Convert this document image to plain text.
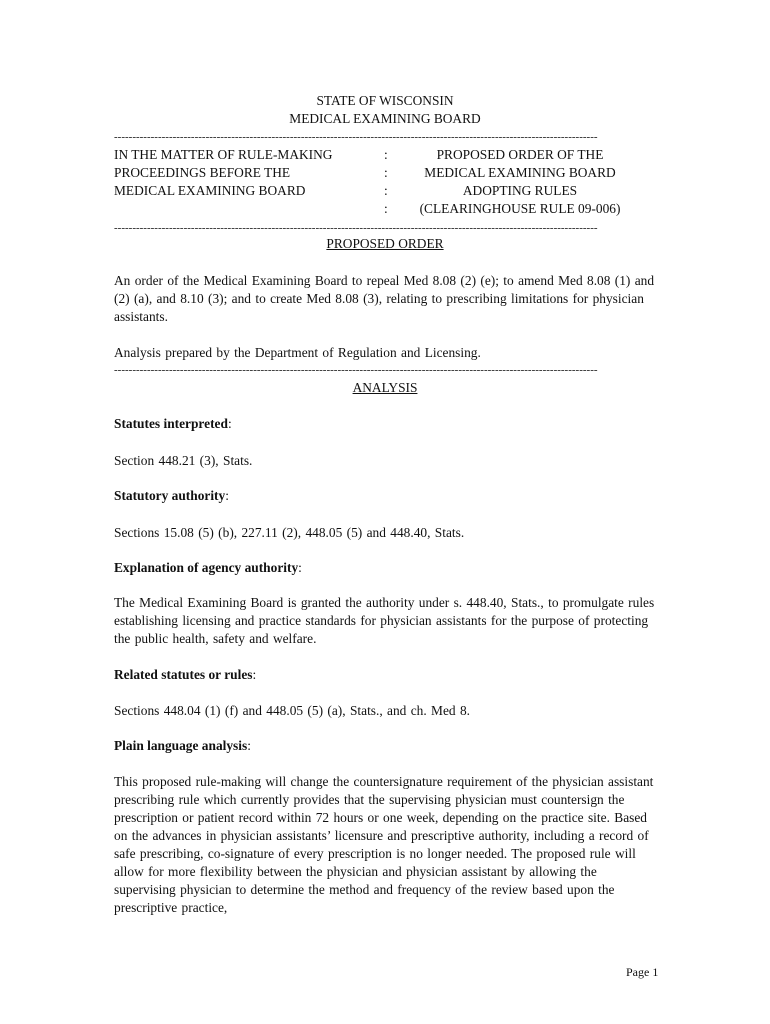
STATE OF WISCONSIN
MEDICAL EXAMINING BOARD
------------------------------------------------------------------------------------------------------------------------------------
IN THE MATTER OF RULE-MAKING
PROCEEDINGS BEFORE THE
MEDICAL EXAMINING BOARD
:
:
:
:
PROPOSED ORDER OF THE
MEDICAL EXAMINING BOARD
ADOPTING RULES
(CLEARINGHOUSE RULE 09-006)
------------------------------------------------------------------------------------------------------------------------------------
PROPOSED ORDER
An order of the Medical Examining Board to repeal Med 8.08 (2) (e); to amend Med 8.08 (1) and (2) (a), and 8.10 (3); and to create Med 8.08 (3), relating to prescribing limitations for physician assistants.
Analysis prepared by the Department of Regulation and Licensing.
------------------------------------------------------------------------------------------------------------------------------------
ANALYSIS
Statutes interpreted:
Section 448.21 (3), Stats.
Statutory authority:
Sections 15.08 (5) (b), 227.11 (2), 448.05 (5) and 448.40, Stats.
Explanation of agency authority:
The Medical Examining Board is granted the authority under s. 448.40, Stats., to promulgate rules establishing licensing and practice standards for physician assistants for the purpose of protecting the public health, safety and welfare.
Related statutes or rules:
Sections 448.04 (1) (f) and 448.05 (5) (a), Stats., and ch. Med 8.
Plain language analysis:
This proposed rule-making will change the countersignature requirement of the physician assistant prescribing rule which currently provides that the supervising physician must countersign the prescription or patient record within 72 hours or one week, depending on the practice site. Based on the advances in physician assistants’ licensure and prescriptive authority, including a record of safe prescribing, co-signature of every prescription is no longer needed. The proposed rule will allow for more flexibility between the physician and physician assistant by allowing the supervising physician to determine the method and frequency of the review based upon the prescriptive practice,
Page 1
